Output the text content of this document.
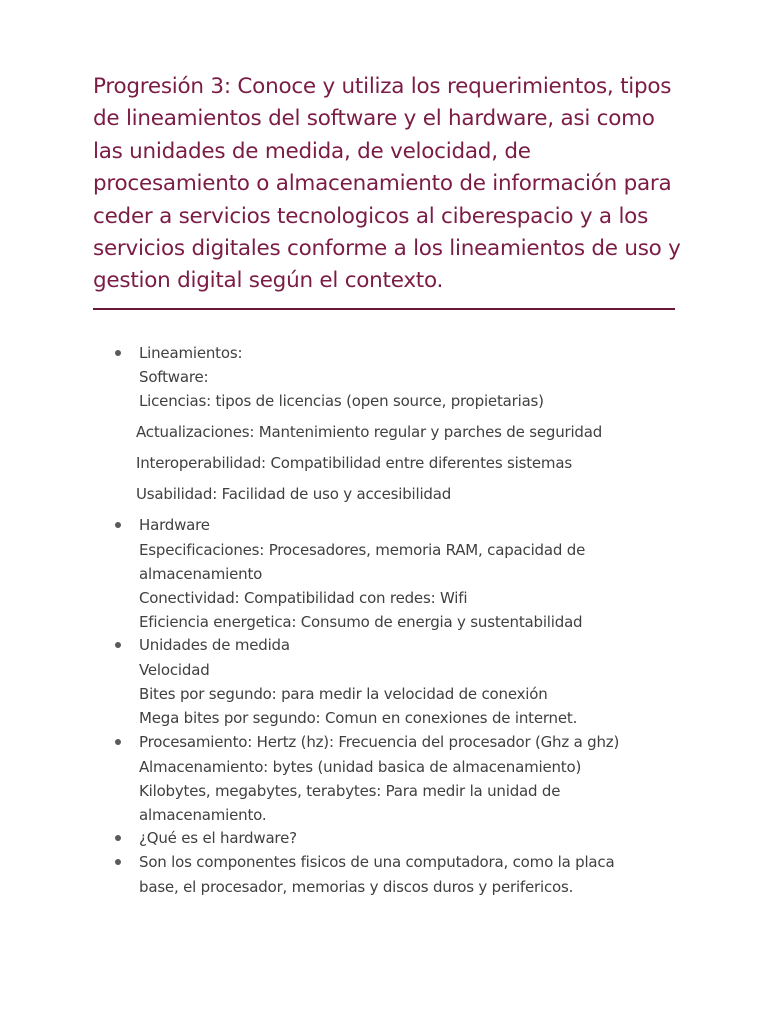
Progresión 3: Conoce y utiliza los requerimientos, tipos de lineamientos del software y el hardware, asi como las unidades de medida, de velocidad, de procesamiento o almacenamiento de información para ceder a servicios tecnologicos al ciberespacio y a los servicios digitales conforme a los lineamientos de uso y gestion digital según el contexto.
Lineamientos:
Software:
Licencias: tipos de licencias (open source, propietarias)
Actualizaciones: Mantenimiento regular y parches de seguridad
Interoperabilidad: Compatibilidad entre diferentes sistemas
Usabilidad: Facilidad de uso y accesibilidad
Hardware
Especificaciones: Procesadores, memoria RAM, capacidad de
almacenamiento
Conectividad: Compatibilidad con redes: Wifi
Eficiencia energetica: Consumo de energia y sustentabilidad
Unidades de medida
Velocidad
Bites por segundo: para medir la velocidad de conexión
Mega bites por segundo: Comun en conexiones de internet.
Procesamiento: Hertz (hz): Frecuencia del procesador (Ghz a ghz)
Almacenamiento: bytes (unidad basica de almacenamiento)
Kilobytes, megabytes, terabytes: Para medir la unidad de
almacenamiento.
¿Qué es el hardware?
Son los componentes fisicos de una computadora, como la placa
base, el procesador, memorias y discos duros y perifericos.
